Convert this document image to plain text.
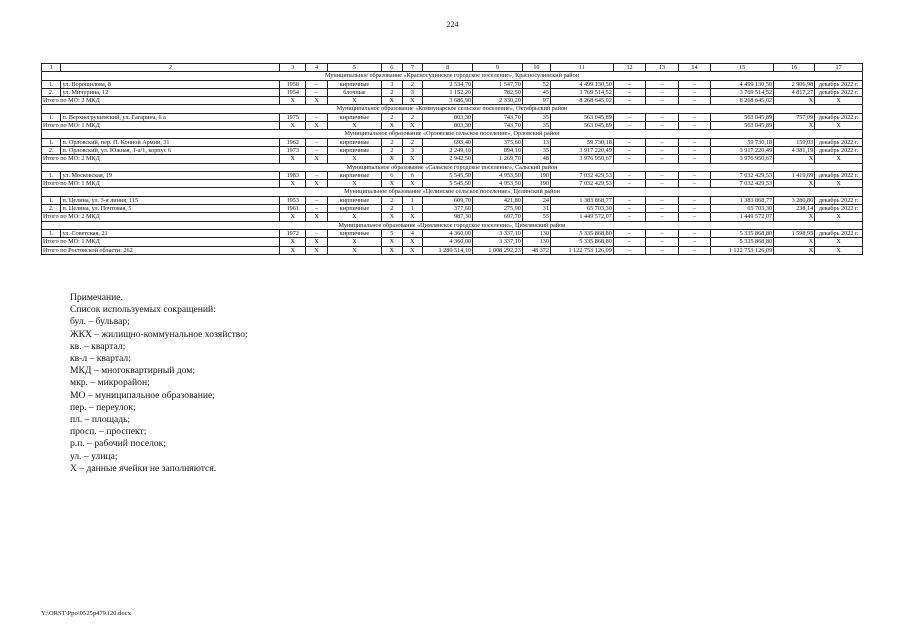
224
1	2	3	4	5	6	7	8	9	10	11	12	13	14	15	16	17
Муниципальное образование «Красносулинское городское поселение», Красносулинский район																
1.	ул. Ворошилова, 8	1958	–	кирпичные	3	2	2 534,70	1 547,70	52	4 499 130,50	–	–	–	4 499 130,50	2 906,98	декабрь 2022 г.
2.	ул. Мичурина, 12	1954	–	блочные	2	3	1 152,20	782,50	45	3 769 514,52	–	–	–	3 769 514,52	4 817,27	декабрь 2022 г.
Итого по МО: 2 МКД		X	X	X	X	X	3 686,90	2 330,20	97	8 268 645,02	–	–	–	8 268 645,02	X	X
Муниципальное образование «Коммунарское сельское поселение», Октябрьский район																
1.	п. Верхнегрушевский, ул. Гагарина, 6 а	1975	–	кирпичные	2	2	803,30	743,70	35	563 045,89	–	–	–	563 045,89	757,09	декабрь 2022 г.
Итого по МО: 1 МКД		X	X	X	X	X	803,30	743,70	35	563 045,89	–	–	–	563 045,89	X	X
Муниципальное образование «Орловское сельское поселение», Орловский район																
1.	п. Орловский, пер. П. Конной Армии, 31	1962	–	кирпичные	2	2	693,40	375,60	13	59 730,18	–	–	–	59 730,18	159,03	декабрь 2022 г.
2.	п. Орловский, ул. Южная, 1-а/1, корпус 6	1973	–	кирпичные	2	3	2 249,10	894,10	35	3 917 220,49	–	–	–	3 917 220,49	4 381,19	декабрь 2022 г.
Итого по МО: 2 МКД		X	X	X	X	X	2 942,50	1 269,70	48	3 976 950,67	–	–	–	3 976 950,67	X	X
Муниципальное образование «Сальское городское поселение», Сальский район																
1.	ул. Московская, 19	1983	–	кирпичные	6	6	5 545,50	4 953,50	190	7 032 429,53	–	–	–	7 032 429,53	1 419,69	декабрь 2022 г.
Итого по МО: 1 МКД		X	X	X	X	X	5 545,50	4 953,50	190	7 032 429,53	–	–	–	7 032 429,53	X	X
Муниципальное образование «Целинское сельское поселение», Целинский район																
1.	п. Целина, ул. 3-я линия, 115	1953	–	кирпичные	2	1	609,70	421,80	24	1 383 868,77	–	–	–	1 383 868,77	3 280,86	декабрь 2022 г.
2.	п. Целина, ул. Почтовая, 5	1961	–	кирпичные	2	1	377,60	275,90	31	65 703,30	–	–	–	65 703,30	238,14	декабрь 2022 г.
Итого по МО: 2 МКД		X	X	X	X	X	987,30	697,70	55	1 449 572,07	–	–	–	1 449 572,07	X	X
Муниципальное образование «Цимлянское городское поселение», Цимлянский район																
1.	ул. Советская, 21	1972	–	кирпичные	5	4	4 360,00	3 337,10	130	5 335 868,80	–	–	–	5 335 868,80	1 598,95	декабрь 2022 г.
Итого по МО: 1 МКД		X	X	X	X	X	4 360,00	3 337,10	130	5 335 868,80	–	–	–	5 335 868,80	X	X
Итого по Ростовской области: 262		X	X	X	X	X	1 280 514,10	1 008 292,23	48 372	1 122 753 126,09	–	–	–	1 122 753 126,09	X	X
Примечание.
Список используемых сокращений:
бул. – бульвар;
ЖКХ – жилищно-коммунальное хозяйство;
кв. – квартал;
кв-л – квартал;
МКД – многоквартирный дом;
мкр. – микрорайон;
МО – муниципальное образование;
пер. – переулок;
пл. – площадь;
просп. – проспект;
р.п. – рабочий поселок;
ул. – улица;
Х – данные ячейки не заполняются.
Y:\ORST\Ppo\0525p479.f20.docx
